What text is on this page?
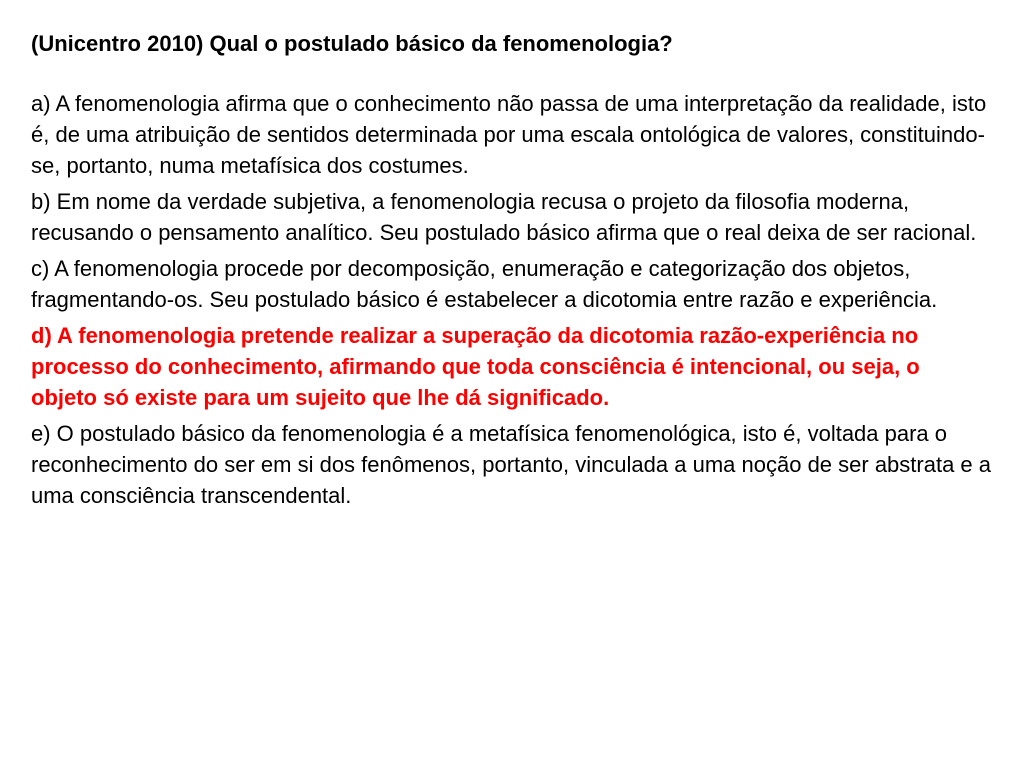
(Unicentro 2010) Qual o postulado básico da fenomenologia?

a) A fenomenologia afirma que o conhecimento não passa de uma interpretação da realidade, isto é, de uma atribuição de sentidos determinada por uma escala ontológica de valores, constituindo-se, portanto, numa metafísica dos costumes.
b) Em nome da verdade subjetiva, a fenomenologia recusa o projeto da filosofia moderna, recusando o pensamento analítico. Seu postulado básico afirma que o real deixa de ser racional.
c) A fenomenologia procede por decomposição, enumeração e categorização dos objetos, fragmentando-os. Seu postulado básico é estabelecer a dicotomia entre razão e experiência.
d) A fenomenologia pretende realizar a superação da dicotomia razão-experiência no processo do conhecimento, afirmando que toda consciência é intencional, ou seja, o objeto só existe para um sujeito que lhe dá significado.
e) O postulado básico da fenomenologia é a metafísica fenomenológica, isto é, voltada para o reconhecimento do ser em si dos fenômenos, portanto, vinculada a uma noção de ser abstrata e a uma consciência transcendental.
